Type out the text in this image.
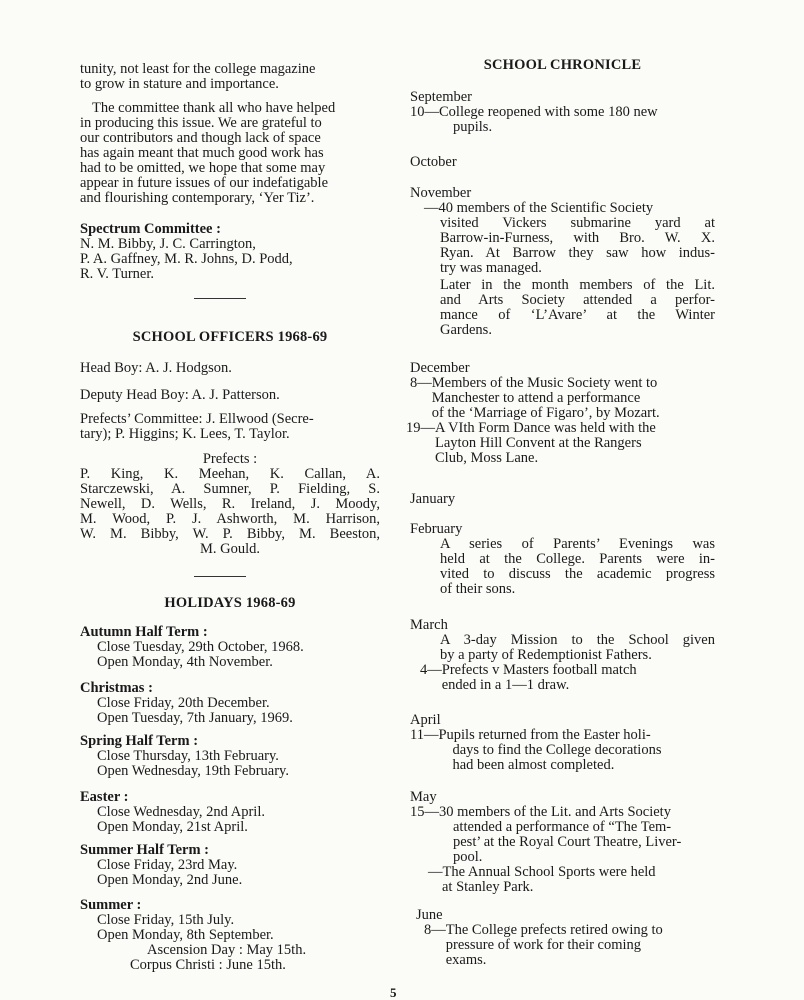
tunity, not least for the college magazine

to grow in stature and importance.

The committee thank all who have helped

in producing this issue. We are grateful to

our contributors and though lack of space

has again meant that much good work has

had to be omitted, we hope that some may

appear in future issues of our indefatigable

and flourishing contemporary, ‘Yer Tiz’.

Spectrum Committee :

N. M. Bibby, J. C. Carrington,

P. A. Gaffney, M. R. Johns, D. Podd,

R. V. Turner.

SCHOOL OFFICERS 1968-69
Head Boy: A. J. Hodgson.
Deputy Head Boy: A. J. Patterson.

Prefects’ Committee: J. Ellwood (Secre-

tary); P. Higgins; K. Lees, T. Taylor.

Prefects :

P. King, K. Meehan, K. Callan, A.

Starczewski, A. Sumner, P. Fielding, S.

Newell, D. Wells, R. Ireland, J. Moody,

M. Wood, P. J. Ashworth, M. Harrison,

W. M. Bibby, W. P. Bibby, M. Beeston,

M. Gould.

HOLIDAYS 1968-69

Autumn Half Term :

Close Tuesday, 29th October, 1968.

Open Monday, 4th November.

Christmas :

Close Friday, 20th December.

Open Tuesday, 7th January, 1969.

Spring Half Term :

Close Thursday, 13th February.

Open Wednesday, 19th February.

Easter :

Close Wednesday, 2nd April.

Open Monday, 21st April.

Summer Half Term :

Close Friday, 23rd May.

Open Monday, 2nd June.

Summer :

Close Friday, 15th July.

Open Monday, 8th September.

Ascension Day : May 15th.

Corpus Christi : June 15th.

SCHOOL CHRONICLE

September

10— College reopened with some 180 new
pupils.
October

November

—40 members of the Scientific Society

visited Vickers submarine yard at

Barrow-in-Furness, with Bro. W. X.

Ryan. At Barrow they saw how indus-

try was managed.

Later in the month members of the Lit.

and Arts Society attended a perfor-

mance of ‘L’Avare’ at the Winter

Gardens.

December

8— Members of the Music Society went to
Manchester to attend a performance
of the ‘Marriage of Figaro’, by Mozart.
19— A VIth Form Dance was held with the
Layton Hill Convent at the Rangers
Club, Moss Lane.
January

February

A series of Parents’ Evenings was

held at the College. Parents were in-

vited to discuss the academic progress

of their sons.

March

A 3-day Mission to the School given

by a party of Redemptionist Fathers.

4— Prefects v Masters football match
ended in a 1—1 draw.

April

11— Pupils returned from the Easter holi-
days to find the College decorations
had been almost completed.

May

15— 30 members of the Lit. and Arts Society
attended a performance of “The Tem-
pest’ at the Royal Court Theatre, Liver-
pool.

—The Annual School Sports were held

at Stanley Park.

June

8— The College prefects retired owing to
pressure of work for their coming
exams.
5
